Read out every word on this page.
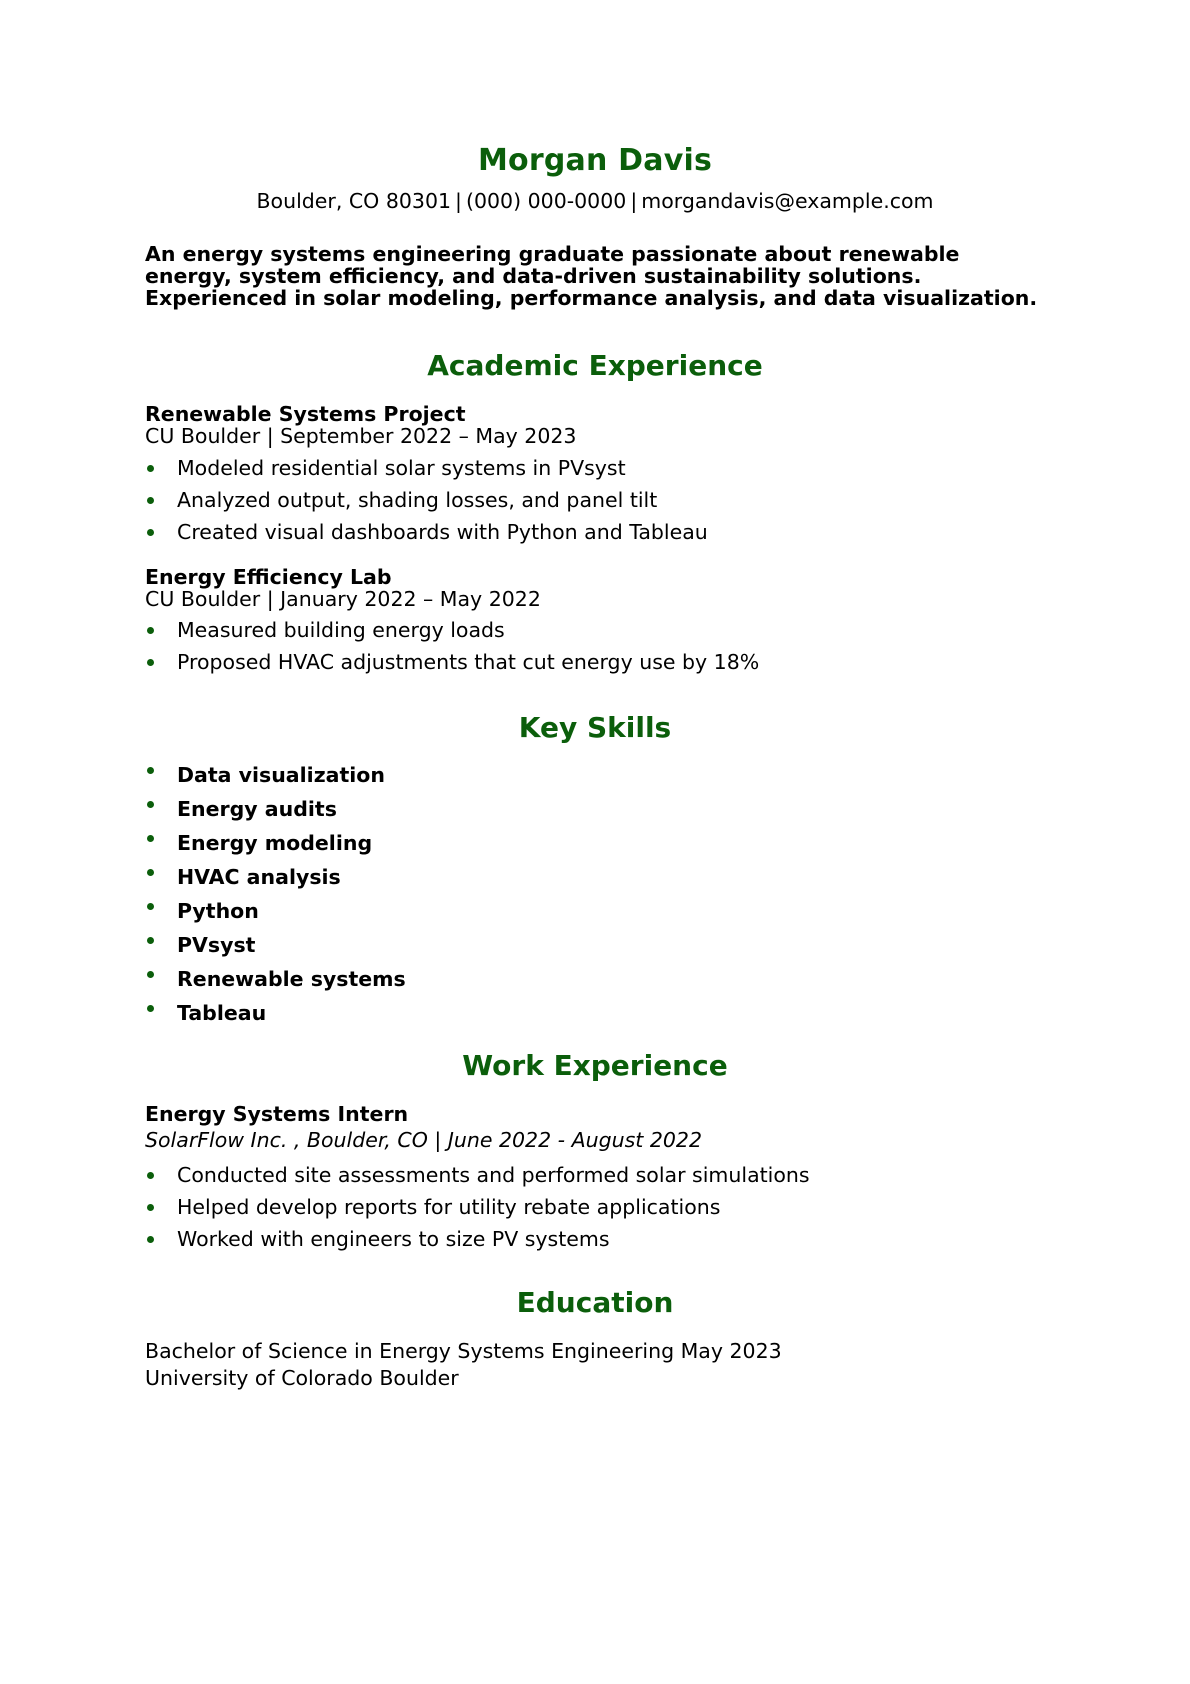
Morgan Davis
Boulder, CO 80301 | (000) 000-0000 | morgandavis@example.com
An energy systems engineering graduate passionate about renewable energy, system efficiency, and data-driven sustainability solutions. Experienced in solar modeling, performance analysis, and data visualization.
Academic Experience
Renewable Systems Project
CU Boulder | September 2022 – May 2023
Modeled residential solar systems in PVsyst
Analyzed output, shading losses, and panel tilt
Created visual dashboards with Python and Tableau
Energy Efficiency Lab
CU Boulder | January 2022 – May 2022
Measured building energy loads
Proposed HVAC adjustments that cut energy use by 18%
Key Skills
Data visualization
Energy audits
Energy modeling
HVAC analysis
Python
PVsyst
Renewable systems
Tableau
Work Experience
Energy Systems Intern
SolarFlow Inc. , Boulder, CO | June 2022 - August 2022
Conducted site assessments and performed solar simulations
Helped develop reports for utility rebate applications
Worked with engineers to size PV systems
Education
Bachelor of Science in Energy Systems Engineering May 2023
University of Colorado Boulder
